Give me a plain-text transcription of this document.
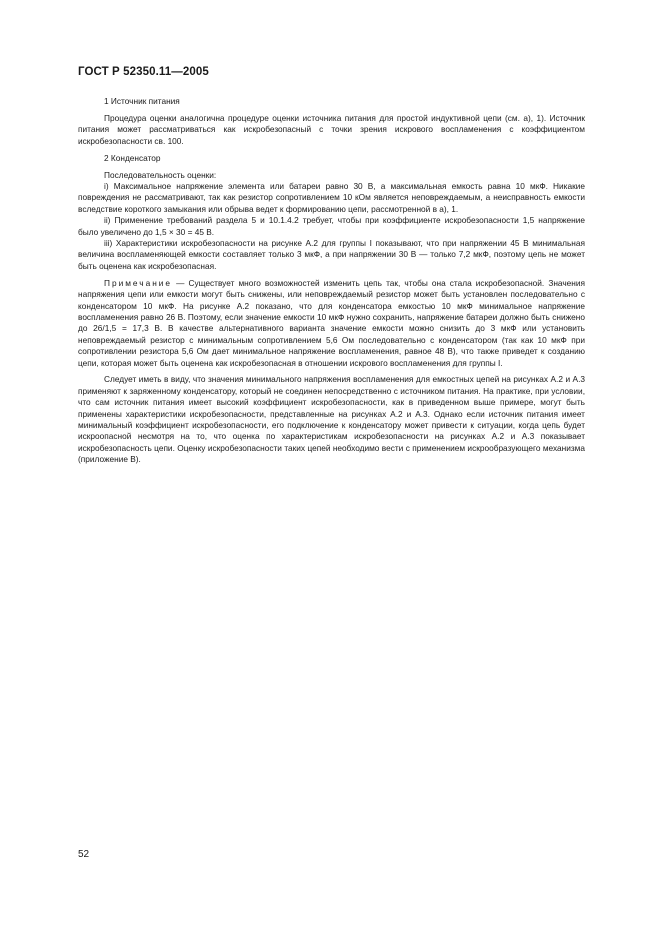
ГОСТ Р 52350.11—2005

1 Источник питания

Процедура оценки аналогична процедуре оценки источника питания для простой индуктивной цепи (см. а), 1). Источник питания может рассматриваться как искробезопасный с точки зрения искрового воспламенения с коэффициентом искробезопасности св. 100.

2 Конденсатор

Последовательность оценки:

i) Максимальное напряжение элемента или батареи равно 30 В, а максимальная емкость равна 10 мкФ. Никакие повреждения не рассматривают, так как резистор сопротивлением 10 кОм является неповреждаемым, а неисправность емкости вследствие короткого замыкания или обрыва ведет к формированию цепи, рассмотренной в а), 1.

ii) Применение требований раздела 5 и 10.1.4.2 требует, чтобы при коэффициенте искробезопасности 1,5 напряжение было увеличено до 1,5 × 30 = 45 В.

iii) Характеристики искробезопасности на рисунке А.2 для группы I показывают, что при напряжении 45 В минимальная величина воспламеняющей емкости составляет только 3 мкФ, а при напряжении 30 В — только 7,2 мкФ, поэтому цепь не может быть оценена как искробезопасная.

Примечание — Существует много возможностей изменить цепь так, чтобы она стала искробезопасной. Значения напряжения цепи или емкости могут быть снижены, или неповреждаемый резистор может быть установлен последовательно с конденсатором 10 мкФ. На рисунке А.2 показано, что для конденсатора емкостью 10 мкФ минимальное напряжение воспламенения равно 26 В. Поэтому, если значение емкости 10 мкФ нужно сохранить, напряжение батареи должно быть снижено до 26/1,5 = 17,3 В. В качестве альтернативного варианта значение емкости можно снизить до 3 мкФ или установить неповреждаемый резистор с минимальным сопротивлением 5,6 Ом последовательно с конденсатором (так как 10 мкФ при сопротивлении резистора 5,6 Ом дает минимальное напряжение воспламенения, равное 48 В), что также приведет к созданию цепи, которая может быть оценена как искробезопасная в отношении искрового воспламенения для группы I.

Следует иметь в виду, что значения минимального напряжения воспламенения для емкостных цепей на рисунках А.2 и А.3 применяют к заряженному конденсатору, который не соединен непосредственно с источником питания. На практике, при условии, что сам источник питания имеет высокий коэффициент искробезопасности, как в приведенном выше примере, могут быть применены характеристики искробезопасности, представленные на рисунках А.2 и А.3. Однако если источник питания имеет минимальный коэффициент искробезопасности, его подключение к конденсатору может привести к ситуации, когда цепь будет искроопасной несмотря на то, что оценка по характеристикам искробезопасности на рисунках А.2 и А.3 показывает искробезопасность цепи. Оценку искробезопасности таких цепей необходимо вести с применением искрообразующего механизма (приложение В).

52
